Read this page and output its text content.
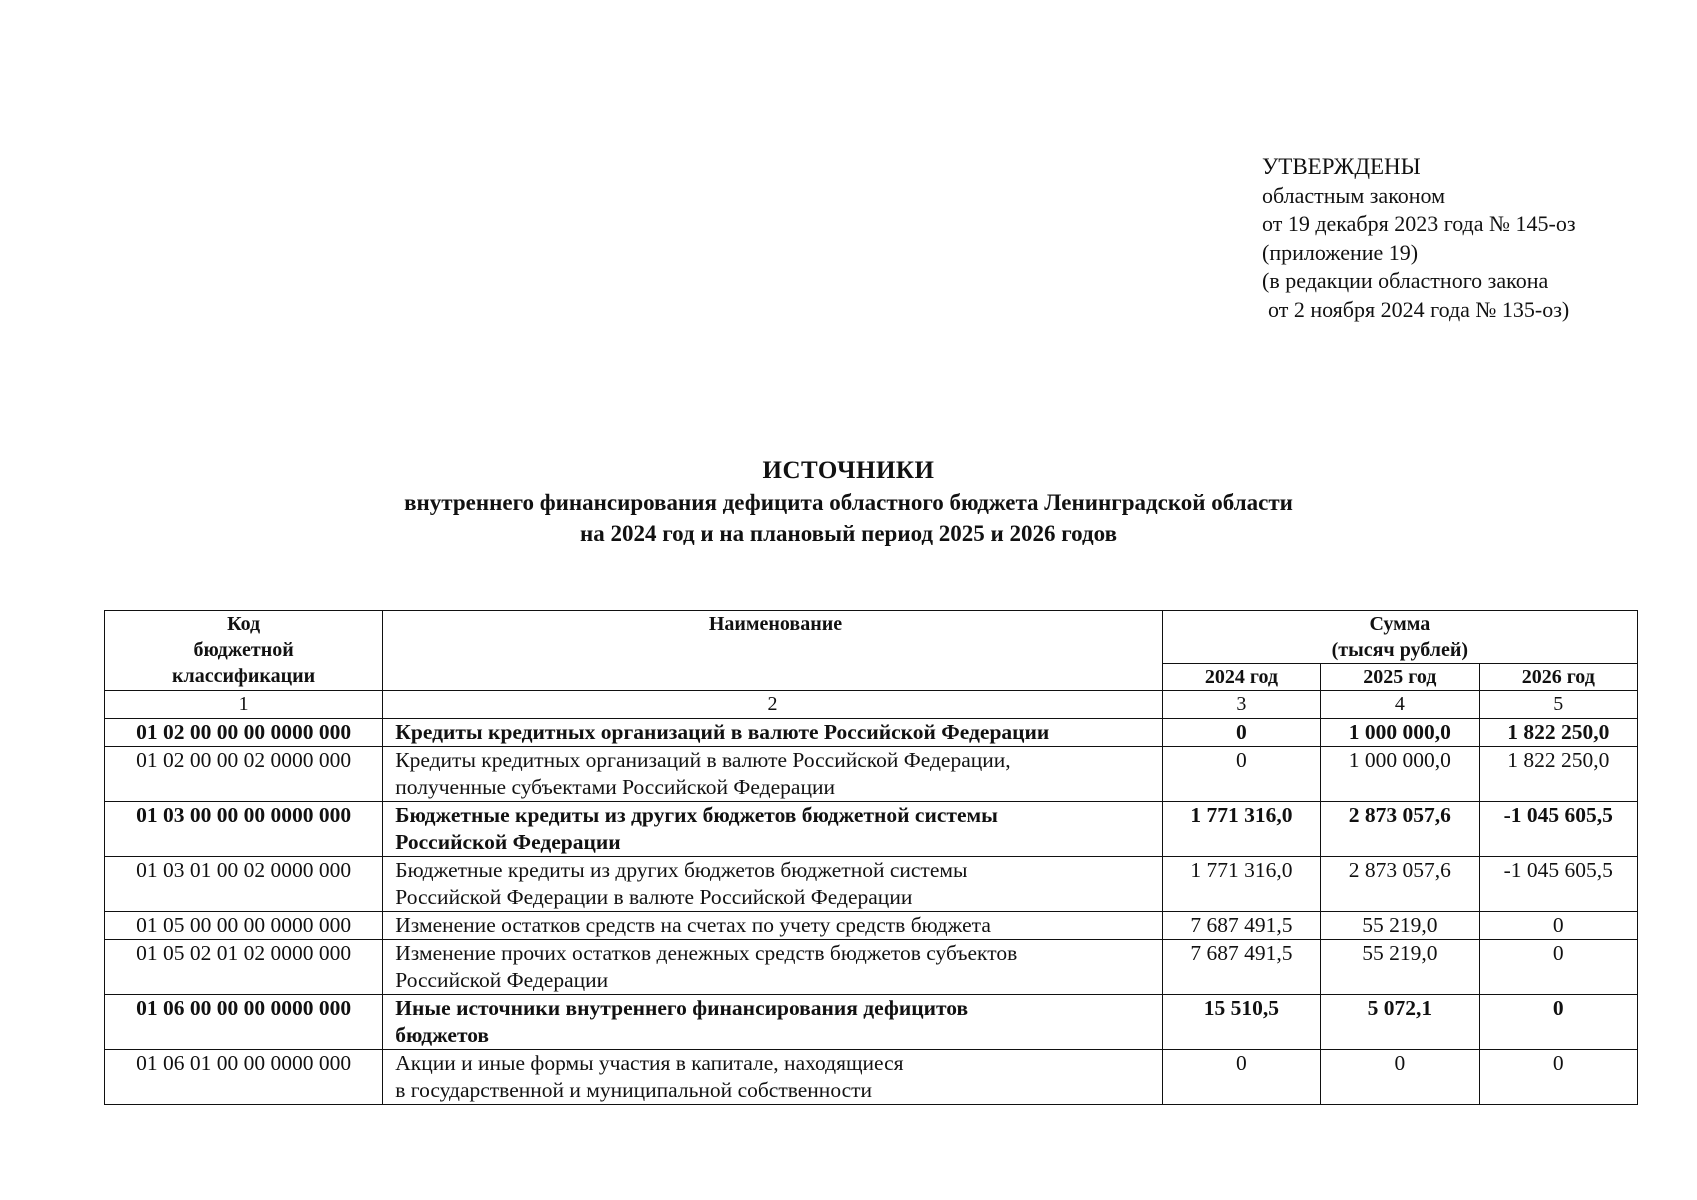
УТВЕРЖДЕНЫ
областным законом
от 19 декабря 2023 года № 145-оз
(приложение 19)
(в редакции областного закона
от 2 ноября 2024 года № 135-оз)
ИСТОЧНИКИ
внутреннего финансирования дефицита областного бюджета Ленинградской области
на 2024 год и на плановый период 2025 и 2026 годов
Код
бюджетной
классификации	Наименование	Сумма
(тысяч рублей)		

		2024 год	2025 год	2026 год
1	2	3	4	5
01 02 00 00 00 0000 000	Кредиты кредитных организаций в валюте Российской Федерации	0	1 000 000,0	1 822 250,0
01 02 00 00 02 0000 000	Кредиты кредитных организаций в валюте Российской Федерации,
полученные субъектами Российской Федерации	0	1 000 000,0	1 822 250,0
01 03 00 00 00 0000 000	Бюджетные кредиты из других бюджетов бюджетной системы
Российской Федерации	1 771 316,0	2 873 057,6	-1 045 605,5
01 03 01 00 02 0000 000	Бюджетные кредиты из других бюджетов бюджетной системы
Российской Федерации в валюте Российской Федерации	1 771 316,0	2 873 057,6	-1 045 605,5
01 05 00 00 00 0000 000	Изменение остатков средств на счетах по учету средств бюджета	7 687 491,5	55 219,0	0
01 05 02 01 02 0000 000	Изменение прочих остатков денежных средств бюджетов субъектов
Российской Федерации	7 687 491,5	55 219,0	0
01 06 00 00 00 0000 000	Иные источники внутреннего финансирования дефицитов
бюджетов	15 510,5	5 072,1	0
01 06 01 00 00 0000 000	Акции и иные формы участия в капитале, находящиеся
в государственной и муниципальной собственности	0	0	0
